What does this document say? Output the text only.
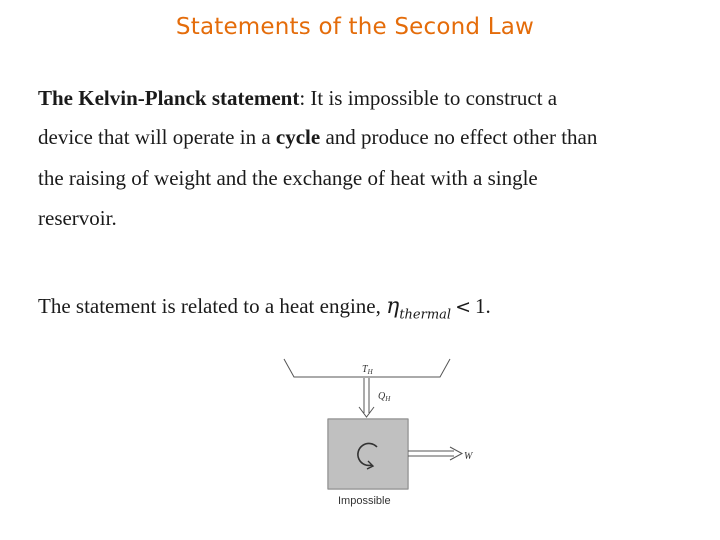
Statements of the Second Law

The Kelvin-Planck statement: It is impossible to construct a

device that will operate in a cycle and produce no effect other than

the raising of weight and the exchange of heat with a single

reservoir.

The statement is related to a heat engine, $\eta_{thermal} < 1$.

$T_H$
$Q_H$
W
Impossible
